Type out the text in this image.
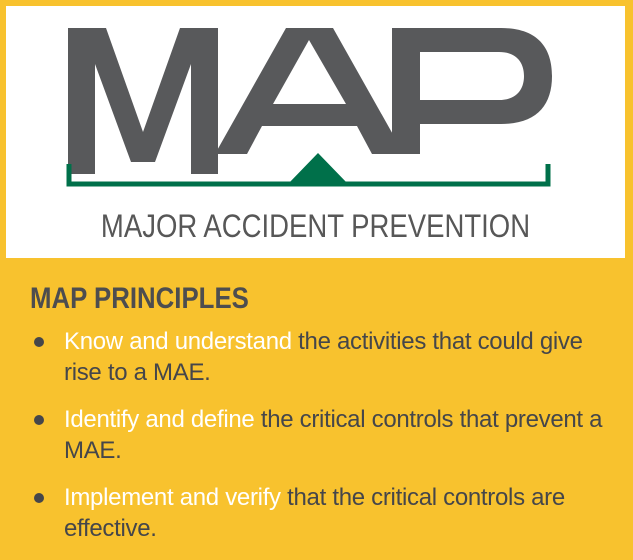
MAJOR ACCIDENT PREVENTION
MAP PRINCIPLES
Know and understand the activities that could give rise to a MAE.
Identify and define the critical controls that prevent a MAE.
Implement and verify that the critical controls are effective.
